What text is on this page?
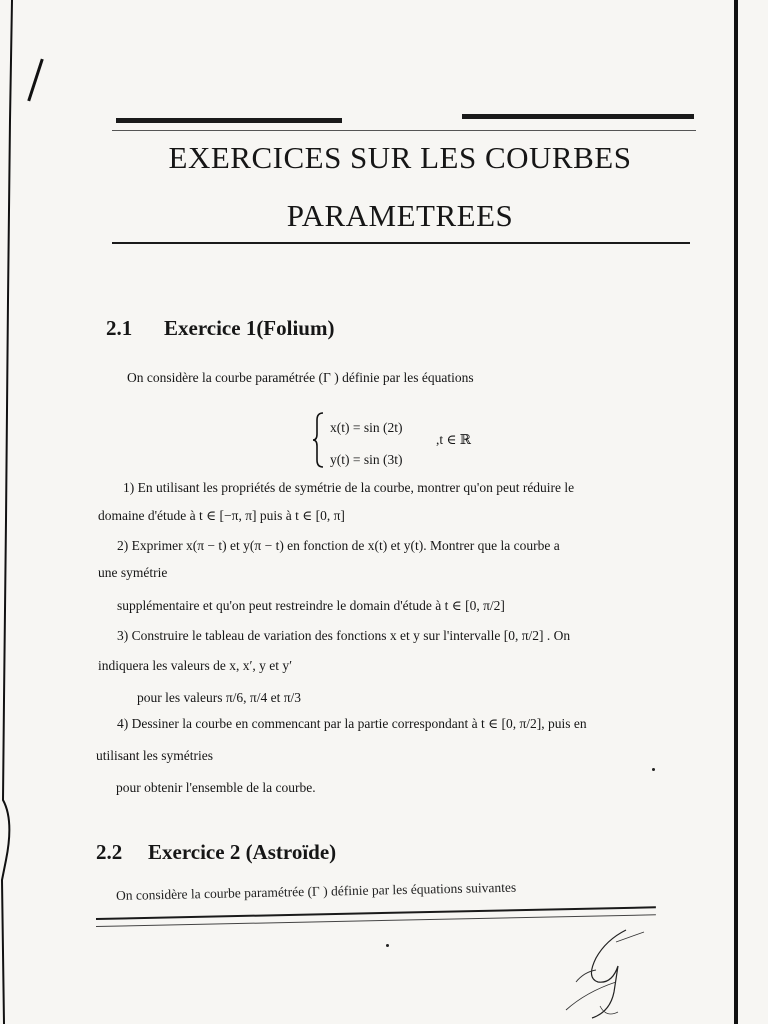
EXERCICES SUR LES COURBES
PARAMETREES
2.1 Exercice 1(Folium)

On considère la courbe paramétrée (Γ ) définie par les équations

x(t) = sin (2t)
y(t) = sin (3t)
,t ∈ ℝ

1) En utilisant les propriétés de symétrie de la courbe, montrer qu'on peut réduire le

domaine d'étude à t ∈ [−π, π] puis à t ∈ [0, π]

2) Exprimer x(π − t) et y(π − t) en fonction de x(t) et y(t). Montrer que la courbe a

une symétrie

supplémentaire et qu'on peut restreindre le domain d'étude à t ∈ [0, π/2]

3) Construire le tableau de variation des fonctions x et y sur l'intervalle [0, π/2] . On

indiquera les valeurs de x, x′, y et y′

pour les valeurs π/6, π/4 et π/3

4) Dessiner la courbe en commencant par la partie correspondant à t ∈ [0, π/2], puis en

utilisant les symétries

pour obtenir l'ensemble de la courbe.

2.2 Exercice 2 (Astroïde)

On considère la courbe paramétrée (Γ ) définie par les équations suivantes
